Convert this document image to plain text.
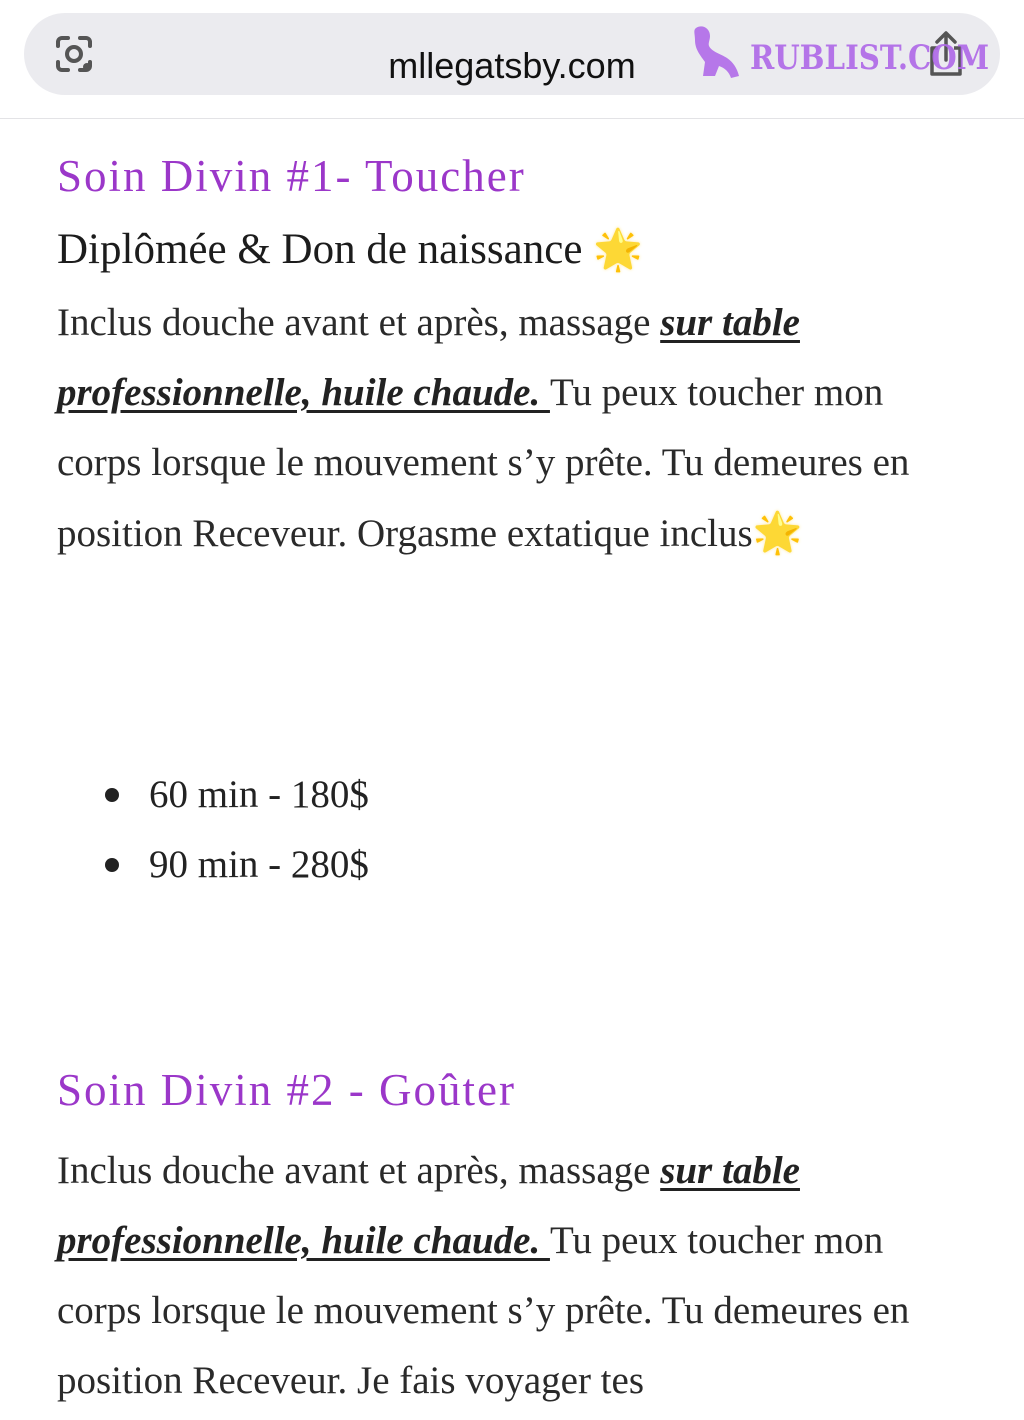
mllegatsby.com	RUBLIST.COM
Soin Divin #1- Toucher

Diplômée & Don de naissance 🌟

Inclus douche avant et après, massage sur table professionnelle, huile chaude. Tu peux toucher mon corps lorsque le mouvement s’y prête. Tu demeures en position Receveur. Orgasme extatique inclus🌟

60 min - 180$
90 min - 280$
Soin Divin #2 - Goûter

Inclus douche avant et après, massage sur table professionnelle, huile chaude. Tu peux toucher mon corps lorsque le mouvement s’y prête. Tu demeures en position Receveur. Je fais voyager tes
